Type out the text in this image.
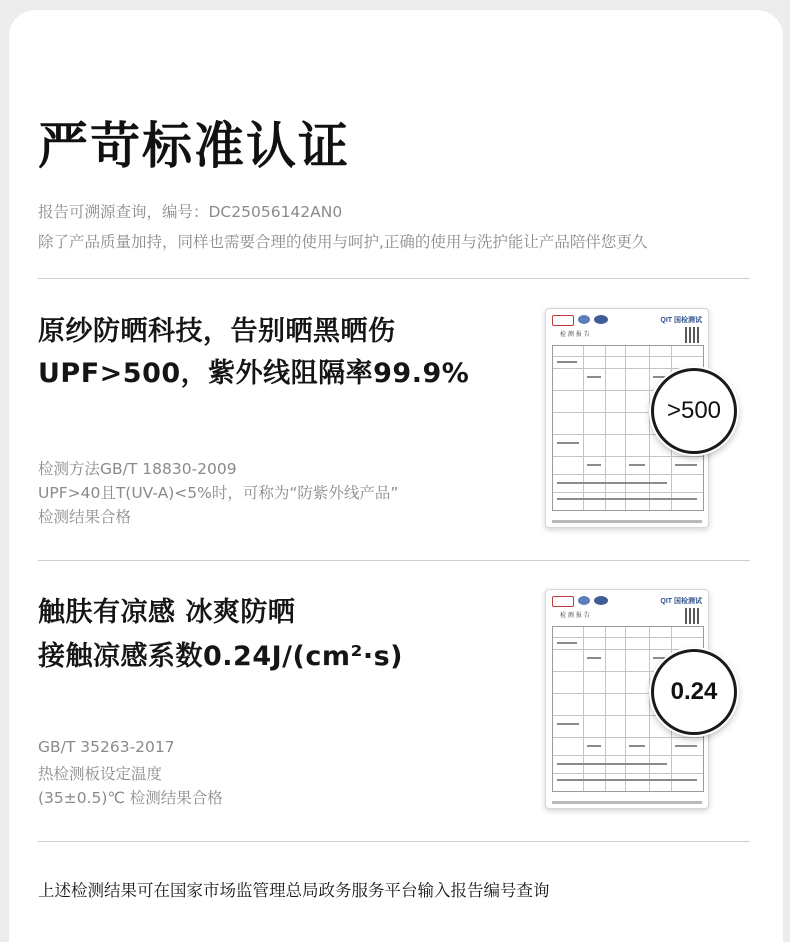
严苛标准认证
报告可溯源查询，编号：DC25056142AN0
除了产品质量加持，同样也需要合理的使用与呵护,正确的使用与洗护能让产品陪伴您更久
原纱防晒科技，告别晒黑晒伤
UPF>500，紫外线阻隔率99.9%
检测方法GB/T 18830-2009
UPF>40且T(UV-A)<5%时，可称为“防紫外线产品”
检测结果合格
QIT 国检测试
检 测 报 告
>500
触肤有凉感 冰爽防晒
接触凉感系数0.24J/(cm²·s)
GB/T 35263-2017
热检测板设定温度
(35±0.5)℃ 检测结果合格
QIT 国检测试
检 测 报 告
0.24
上述检测结果可在国家市场监管理总局政务服务平台输入报告编号查询
